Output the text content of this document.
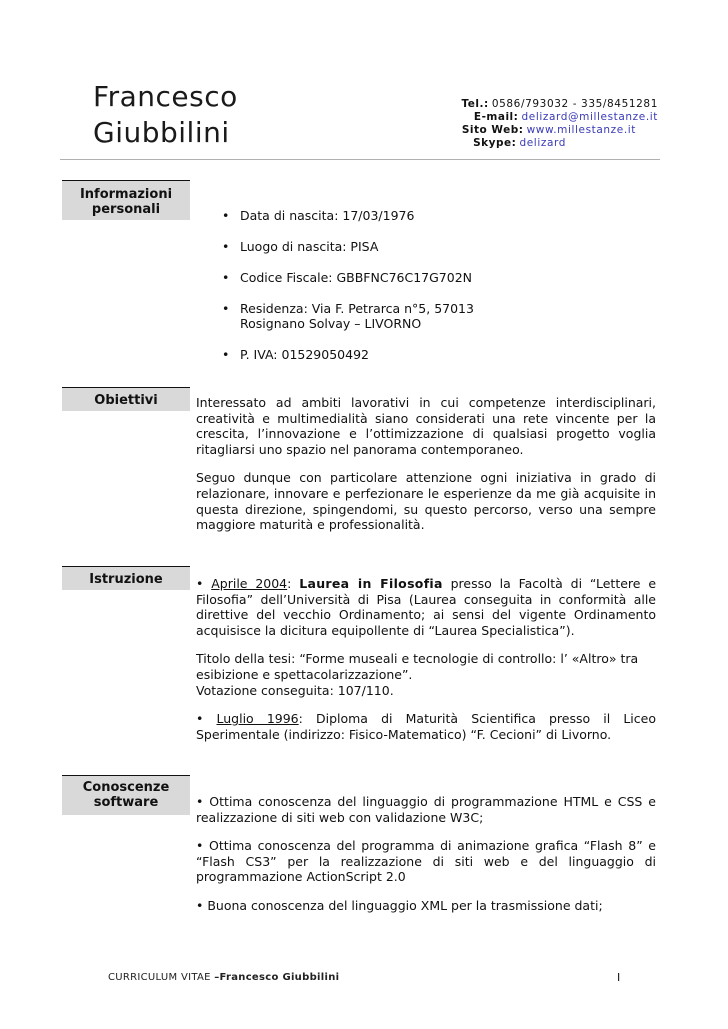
Francesco
Giubbilini
Tel.: 0586/793032 - 335/8451281
E-mail: delizard@millestanze.it
Sito Web: www.millestanze.it
Skype: delizard
Informazioni
personali
•	Data di nascita: 17/03/1976
• Luogo di nascita: PISA
• Codice Fiscale: GBBFNC76C17G702N
• Residenza: Via F. Petrarca n°5, 57013 Rosignano Solvay – LIVORNO
• P. IVA: 01529050492
Obiettivi	Interessato ad ambiti lavorativi in cui competenze interdisciplinari, creatività e multimedialità siano considerati una rete vincente per la crescita, l’innovazione e l’ottimizzazione di qualsiasi progetto voglia ritagliarsi uno spazio nel panorama contemporaneo.

Seguo dunque con particolare attenzione ogni iniziativa in grado di relazionare, innovare e perfezionare le esperienze da me già acquisite in questa direzione, spingendomi, su questo percorso, verso una sempre maggiore maturità e professionalità.

Istruzione	• Aprile 2004: Laurea in Filosofia presso la Facoltà di “Lettere e Filosofia” dell’Università di Pisa (Laurea conseguita in conformità alle direttive del vecchio Ordinamento; ai sensi del vigente Ordinamento acquisisce la dicitura equipollente di “Laurea Specialistica”).

Titolo della tesi: “Forme museali e tecnologie di controllo: l’ «Altro» tra esibizione e spettacolarizzazione”.
Votazione conseguita: 107/110.

• Luglio 1996: Diploma di Maturità Scientifica presso il Liceo Sperimentale (indirizzo: Fisico-Matematico) “F. Cecioni” di Livorno.

Conoscenze
software	• Ottima conoscenza del linguaggio di programmazione HTML e CSS e realizzazione di siti web con validazione W3C;

• Ottima conoscenza del programma di animazione grafica “Flash 8” e “Flash CS3” per la realizzazione di siti web e del linguaggio di programmazione ActionScript 2.0

• Buona conoscenza del linguaggio XML per la trasmissione dati;

CURRICULUM VITAE –Francesco Giubbilini	I
